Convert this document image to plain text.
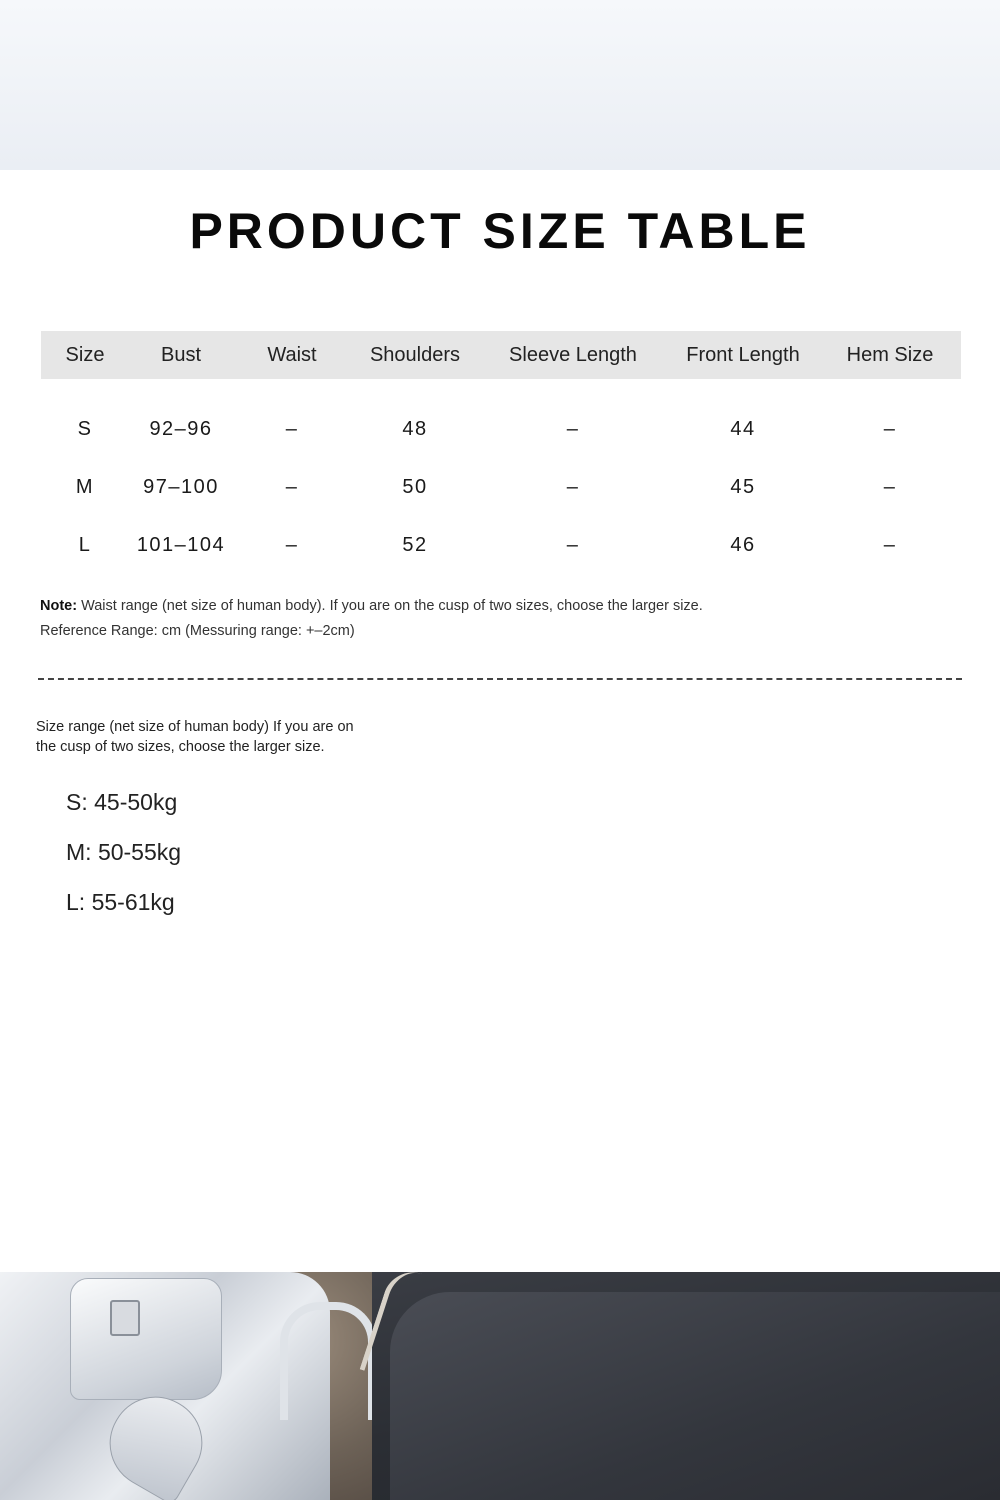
PRODUCT SIZE TABLE
Size	Bust	Waist	Shoulders	Sleeve Length	Front Length	Hem Size

S	92–96	–	48	–	44	–
M	97–100	–	50	–	45	–
L	101–104	–	52	–	46	–
Note: Waist range (net size of human body). If you are on the cusp of two sizes, choose the larger size.
Reference Range: cm (Messuring range: +–2cm)
Size range (net size of human body) If you are on the cusp of two sizes, choose the larger size.
S: 45-50kg
M: 50-55kg
L: 55-61kg
